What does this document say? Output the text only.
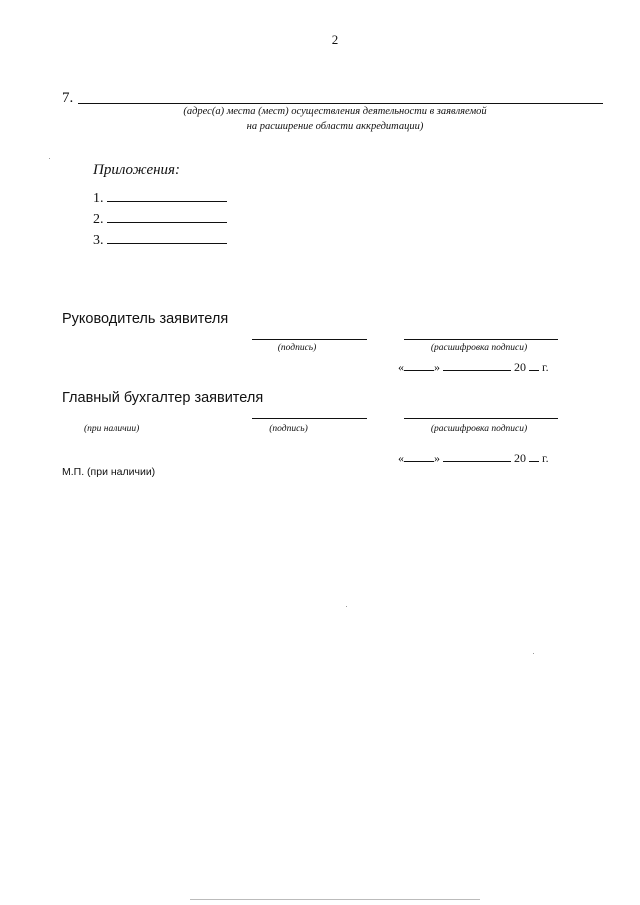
2
7.
(адрес(а) места (мест) осуществления деятельности в заявляемой
на расширение области аккредитации)
Приложения:
1.
2.
3.
Руководитель заявителя
(подпись)	(расшифровка подписи)
«	»	20 г.
Главный бухгалтер заявителя
(при наличии)	(подпись)	(расшифровка подписи)
«	»	20 г.
М.П. (при наличии)
